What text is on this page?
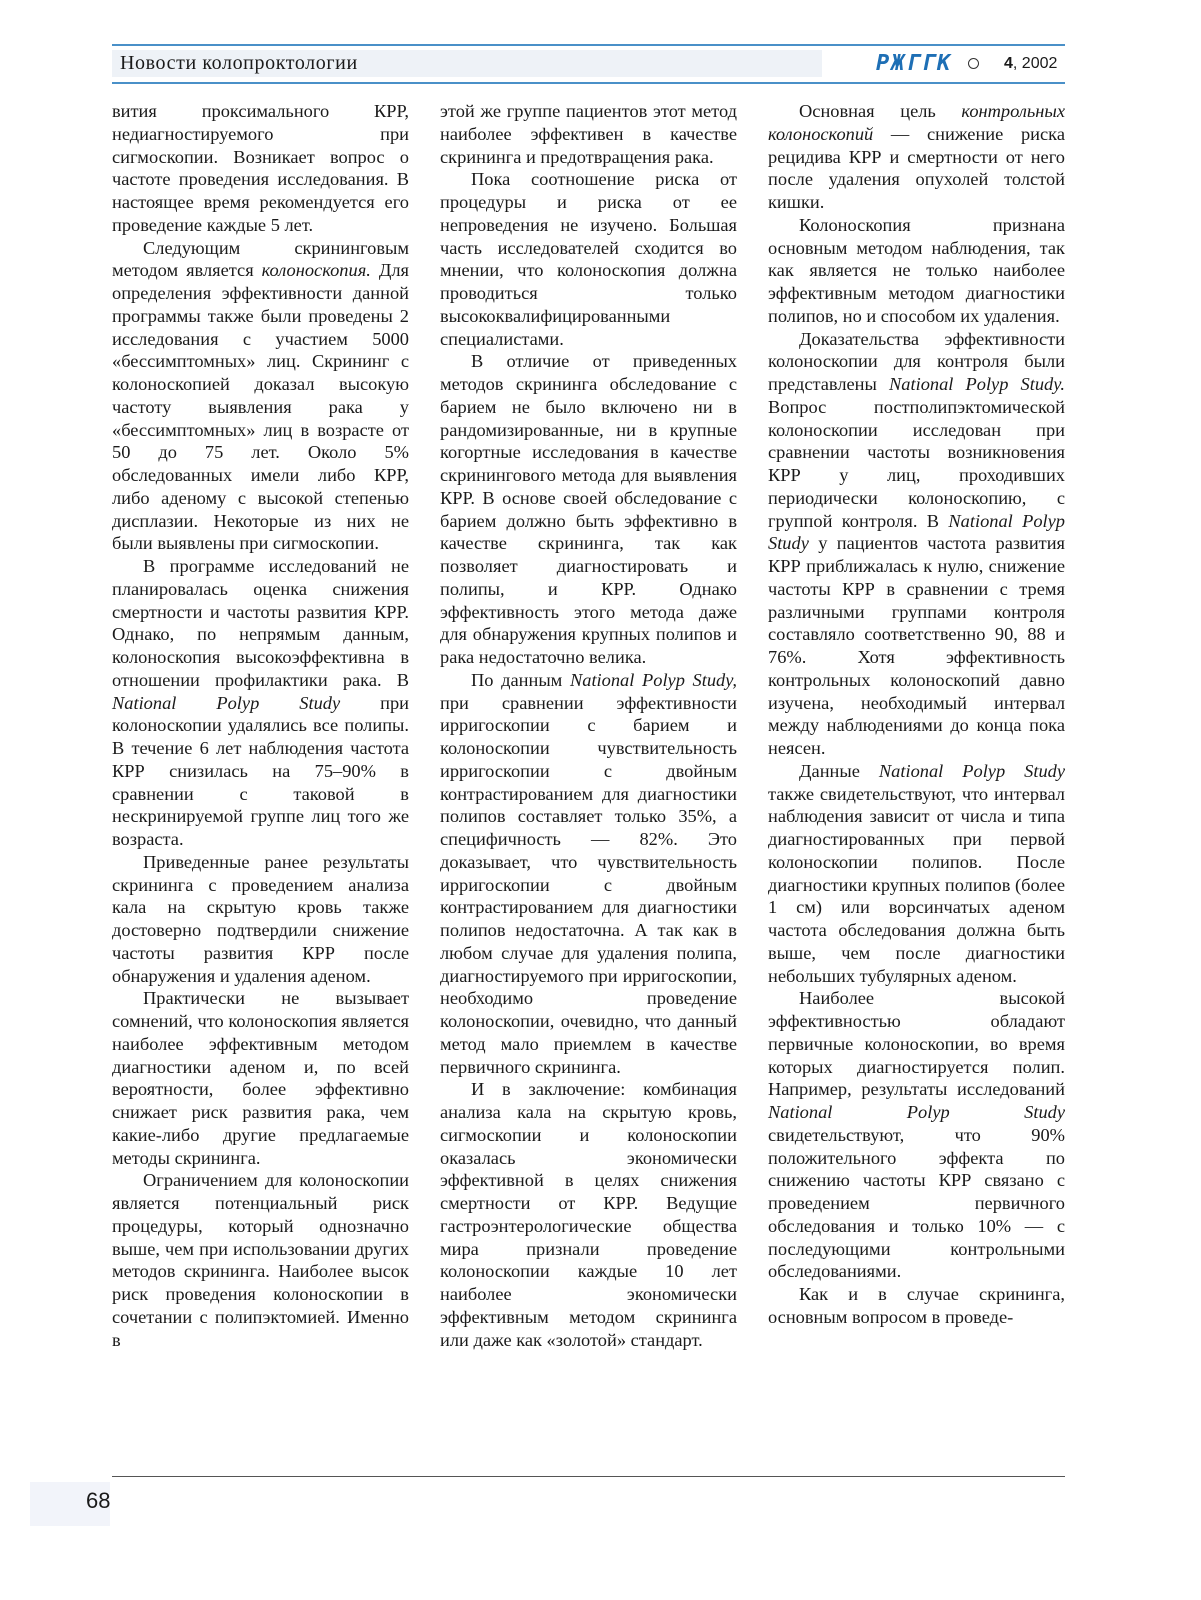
Новости колопроктологии	РЖГГК	4, 2002

вития проксимального КРР, недиагностируемого при сигмоскопии. Возникает вопрос о частоте проведения исследования. В настоящее время рекомендуется его проведение каждые 5 лет.

Следующим скрининговым методом является колоноскопия. Для определения эффективности данной программы также были проведены 2 исследования с участием 5000 «бессимптомных» лиц. Скрининг с колоноскопией доказал высокую частоту выявления рака у «бессимптомных» лиц в возрасте от 50 до 75 лет. Около 5% обследованных имели либо КРР, либо аденому с высокой степенью дисплазии. Некоторые из них не были выявлены при сигмоскопии.

В программе исследований не планировалась оценка снижения смертности и частоты развития КРР. Однако, по непрямым данным, колоноскопия высокоэффективна в отношении профилактики рака. В National Polyp Study при колоноскопии удалялись все полипы. В течение 6 лет наблюдения частота КРР снизилась на 75–90% в сравнении с таковой в нескринируемой группе лиц того же возраста.

Приведенные ранее результаты скрининга с проведением анализа кала на скрытую кровь также достоверно подтвердили снижение частоты развития КРР после обнаружения и удаления аденом.

Практически не вызывает сомнений, что колоноскопия является наиболее эффективным методом диагностики аденом и, по всей вероятности, более эффективно снижает риск развития рака, чем какие-либо другие предлагаемые методы скрининга.

Ограничением для колоноскопии является потенциальный риск процедуры, который однозначно выше, чем при использовании других методов скрининга. Наиболее высок риск проведения колоноскопии в сочетании с полипэктомией. Именно в

этой же группе пациентов этот метод наиболее эффективен в качестве скрининга и предотвращения рака.

Пока соотношение риска от процедуры и риска от ее непроведения не изучено. Большая часть исследователей сходится во мнении, что колоноскопия должна проводиться только высококвалифицированными специалистами.

В отличие от приведенных методов скрининга обследование с барием не было включено ни в рандомизированные, ни в крупные когортные исследования в качестве скринингового метода для выявления КРР. В основе своей обследование с барием должно быть эффективно в качестве скрининга, так как позволяет диагностировать и полипы, и КРР. Однако эффективность этого метода даже для обнаружения крупных полипов и рака недостаточно велика.

По данным National Polyp Study, при сравнении эффективности ирригоскопии с барием и колоноскопии чувствительность ирригоскопии с двойным контрастированием для диагностики полипов составляет только 35%, а специфичность — 82%. Это доказывает, что чувствительность ирригоскопии с двойным контрастированием для диагностики полипов недостаточна. А так как в любом случае для удаления полипа, диагностируемого при ирригоскопии, необходимо проведение колоноскопии, очевидно, что данный метод мало приемлем в качестве первичного скрининга.

И в заключение: комбинация анализа кала на скрытую кровь, сигмоскопии и колоноскопии оказалась экономически эффективной в целях снижения смертности от КРР. Ведущие гастроэнтерологические общества мира признали проведение колоноскопии каждые 10 лет наиболее экономически эффективным методом скрининга или даже как «золотой» стандарт.

Основная цель контрольных колоноскопий — снижение риска рецидива КРР и смертности от него после удаления опухолей толстой кишки.

Колоноскопия признана основным методом наблюдения, так как является не только наиболее эффективным методом диагностики полипов, но и способом их удаления.

Доказательства эффективности колоноскопии для контроля были представлены National Polyp Study. Вопрос постполипэктомической колоноскопии исследован при сравнении частоты возникновения КРР у лиц, проходивших периодически колоноскопию, с группой контроля. В National Polyp Study у пациентов частота развития КРР приближалась к нулю, снижение частоты КРР в сравнении с тремя различными группами контроля составляло соответственно 90, 88 и 76%. Хотя эффективность контрольных колоноскопий давно изучена, необходимый интервал между наблюдениями до конца пока неясен.

Данные National Polyp Study также свидетельствуют, что интервал наблюдения зависит от числа и типа диагностированных при первой колоноскопии полипов. После диагностики крупных полипов (более 1 см) или ворсинчатых аденом частота обследования должна быть выше, чем после диагностики небольших тубулярных аденом.

Наиболее высокой эффективностью обладают первичные колоноскопии, во время которых диагностируется полип. Например, результаты исследований National Polyp Study свидетельствуют, что 90% положительного эффекта по снижению частоты КРР связано с проведением первичного обследования и только 10% — с последующими контрольными обследованиями.

Как и в случае скрининга, основным вопросом в проведе-

68
